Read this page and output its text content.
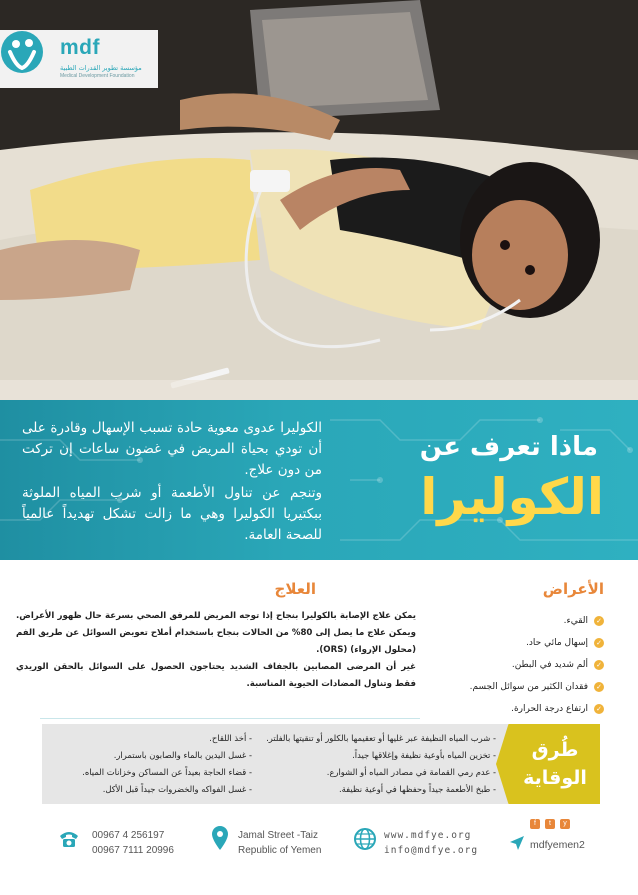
mdf
مؤسسة تطوير القدرات الطبية
Medical Development Foundation

الكوليرا عدوى معوية حادة تسبب الإسهال وقادرة على أن تودي بحياة المريض في غضون ساعات إن تركت من دون علاج.

وتنجم عن تناول الأطعمة أو شرب المياه الملوثة ببكتيريا الكوليرا وهي ما زالت تشكل تهديداً عالمياً للصحة العامة.

ماذا تعرف عن
الكوليرا
الأعراض
✓
القيء.
✓
إسهال مائي حاد.
✓
ألم شديد في البطن.
✓
فقدان الكثير من سوائل الجسم.
✓
ارتفاع درجة الحرارة.
العلاج

يمكن علاج الإصابة بالكوليرا بنجاح إذا توجه المريض للمرفق الصحي بسرعة حال ظهور الأعراض. ويمكن علاج ما يصل إلى 80% من الحالات بنجاح باستخدام أملاح تعويض السوائل عن طريق الفم (محلول الإرواء) (ORS).

غير أن المرضى المصابين بالجفاف الشديد يحتاجون الحصول على السوائل بالحقن الوريدي فقط وتناول المضادات الحيوية المناسبة.

طُرق
الوقاية
- شرب المياه النظيفة عبر غليها أو تعقيمها بالكلور أو تنقيتها بالفلتر.
- تخزين المياه بأوعية نظيفة وإغلاقها جيداً.
- عدم رمي القمامة في مصادر المياه أو الشوارع.
- طبخ الأطعمة جيداً وحفظها في أوعية نظيفة.
- أخذ اللقاح.
- غسل اليدين بالماء والصابون باستمرار.
- قضاء الحاجة بعيداً عن المساكن وخزانات المياه.
- غسل الفواكه والخضروات جيداً قبل الأكل.
00967 4 256197
00967 7111 20996
Jamal Street -Taiz
Republic of Yemen
www.mdfye.org
info@mdfye.org
f	t	y
mdfyemen2
